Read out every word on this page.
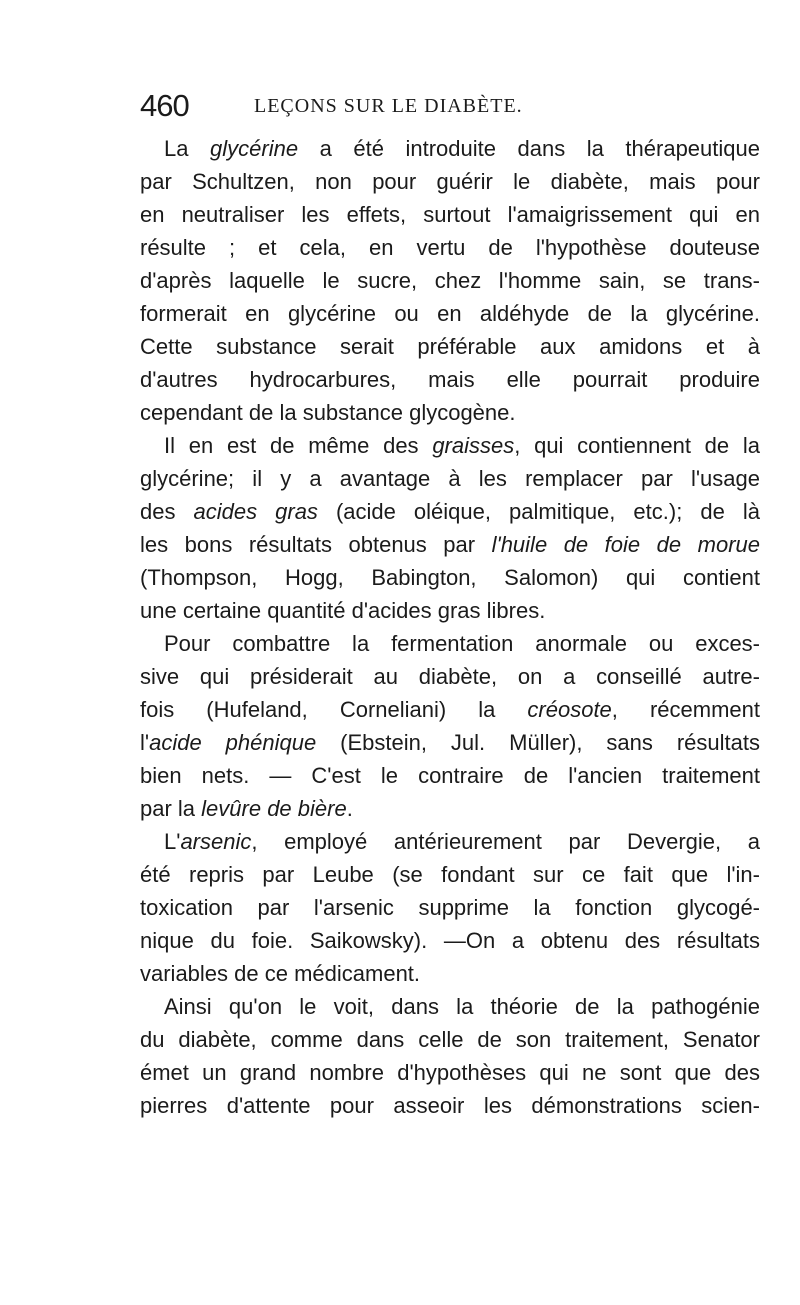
460	LEÇONS SUR LE DIABÈTE.
La glycérine a été introduite dans la thérapeutique
par Schultzen, non pour guérir le diabète, mais pour
en neutraliser les effets, surtout l'amaigrissement qui en
résulte ; et cela, en vertu de l'hypothèse douteuse
d'après laquelle le sucre, chez l'homme sain, se trans-
formerait en glycérine ou en aldéhyde de la glycérine.
Cette substance serait préférable aux amidons et à
d'autres hydrocarbures, mais elle pourrait produire
cependant de la substance glycogène.
Il en est de même des graisses, qui contiennent de la
glycérine; il y a avantage à les remplacer par l'usage
des acides gras (acide oléique, palmitique, etc.); de là
les bons résultats obtenus par l'huile de foie de morue
(Thompson, Hogg, Babington, Salomon) qui contient
une certaine quantité d'acides gras libres.
Pour combattre la fermentation anormale ou exces-
sive qui présiderait au diabète, on a conseillé autre-
fois (Hufeland, Corneliani) la créosote, récemment
l'acide phénique (Ebstein, Jul. Müller), sans résultats
bien nets. — C'est le contraire de l'ancien traitement
par la levûre de bière.
L'arsenic, employé antérieurement par Devergie, a
été repris par Leube (se fondant sur ce fait que l'in-
toxication par l'arsenic supprime la fonction glycogé-
nique du foie. Saikowsky). —On a obtenu des résultats
variables de ce médicament.
Ainsi qu'on le voit, dans la théorie de la pathogénie
du diabète, comme dans celle de son traitement, Senator
émet un grand nombre d'hypothèses qui ne sont que des
pierres d'attente pour asseoir les démonstrations scien-
